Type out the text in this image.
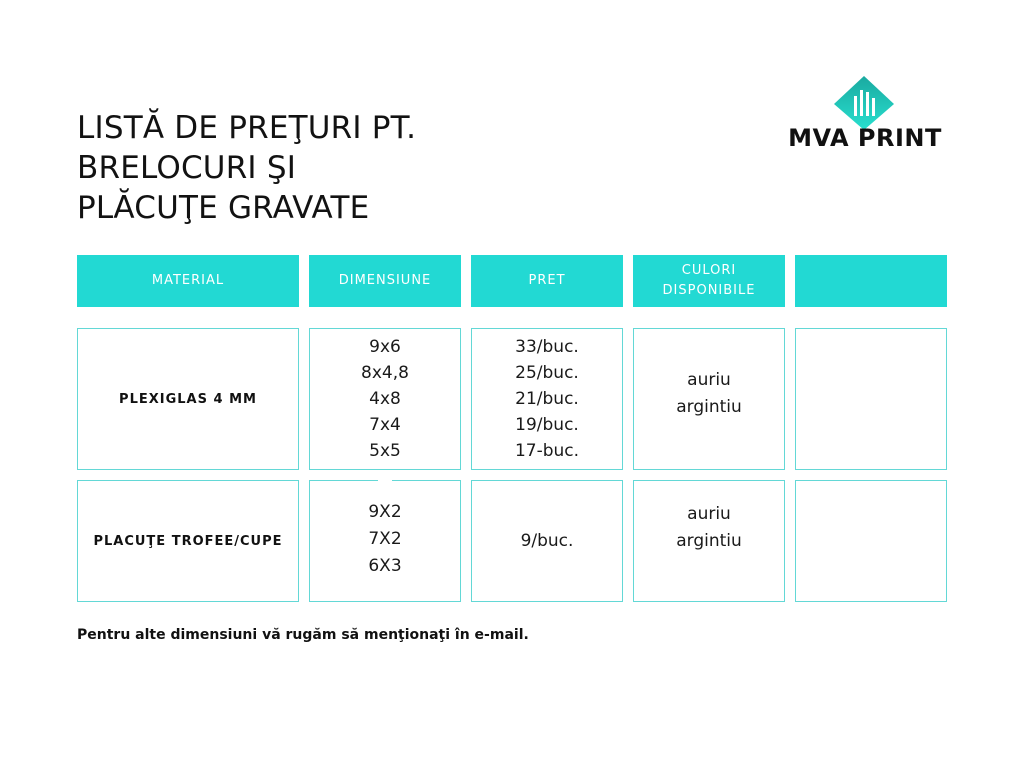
LISTĂ DE PREŢURI PT.
BRELOCURI ŞI
PLĂCUŢE GRAVATE
MVA PRINT
MATERIAL	DIMENSIUNE	PRET
CULORI
DISPONIBILE
PLEXIGLAS 4 MM
9x6
8x4,8
4x8
7x4
5x5
33/buc.
25/buc.
21/buc.
19/buc.
17-buc.
auriu
argintiu
PLACUŢE TROFEE/CUPE
9X2
7X2
6X3
9/buc.
auriu
argintiu
Pentru alte dimensiuni vă rugăm să menţionaţi în e-mail.
